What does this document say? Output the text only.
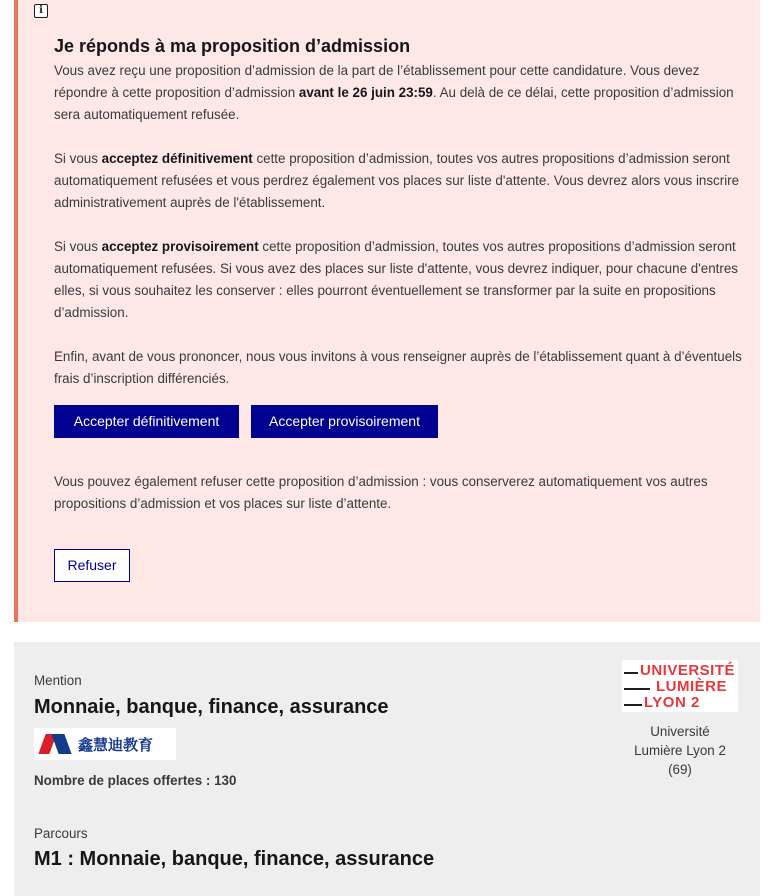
i
Je réponds à ma proposition d’admission

Vous avez reçu une proposition d’admission de la part de l’établissement pour cette candidature. Vous devez répondre à cette proposition d’admission avant le 26 juin 23:59. Au delà de ce délai, cette proposition d’admission sera automatiquement refusée.

Si vous acceptez définitivement cette proposition d’admission, toutes vos autres propositions d’admission seront automatiquement refusées et vous perdrez également vos places sur liste d'attente. Vous devrez alors vous inscrire administrativement auprès de l'établissement.

Si vous acceptez provisoirement cette proposition d’admission, toutes vos autres propositions d’admission seront automatiquement refusées. Si vous avez des places sur liste d'attente, vous devrez indiquer, pour chacune d'entres elles, si vous souhaitez les conserver : elles pourront éventuellement se transformer par la suite en propositions d’admission.

Enfin, avant de vous prononcer, nous vous invitons à vous renseigner auprès de l’établissement quant à d’éventuels frais d’inscription différenciés.

Accepter définitivement	Accepter provisoirement

Vous pouvez également refuser cette proposition d’admission : vous conserverez automatiquement vos autres propositions d’admission et vos places sur liste d’attente.

Refuser
Mention
Monnaie, banque, finance, assurance
鑫慧迪教育
Nombre de places offertes : 130
Parcours
M1 : Monnaie, banque, finance, assurance
UNIVERSITÉ
LUMIÈRE
LYON 2
Université
Lumière Lyon 2
(69)
